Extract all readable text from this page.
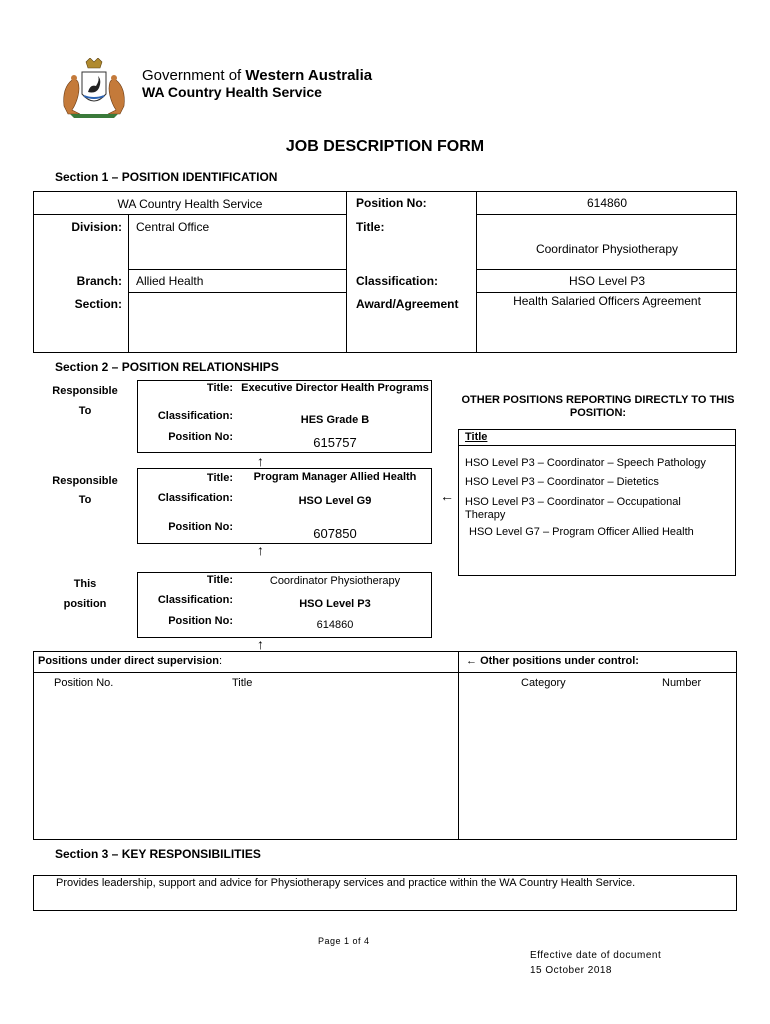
Government of Western Australia
WA Country Health Service
JOB DESCRIPTION FORM
Section 1 – POSITION IDENTIFICATION
WA Country Health Service	Position No:	614860
Division: Central Office	Title:
Coordinator Physiotherapy
Branch: Allied Health	Classification:	HSO Level P3
Section:	Award/Agreement	Health Salaried Officers Agreement
Section 2 – POSITION RELATIONSHIPS
Responsible
To
Title: Executive Director Health Programs
Classification:	HES Grade B
Position No:	615757
↑
Responsible
To
Title:	Program Manager Allied Health
Classification:	HSO Level G9
Position No:	607850
←
↑
This
position
Title:	Coordinator Physiotherapy
Classification:	HSO Level P3
Position No:	614860
↑
OTHER POSITIONS REPORTING DIRECTLY TO THIS POSITION:
Title
HSO Level P3 – Coordinator – Speech Pathology
HSO Level P3 – Coordinator – Dietetics
HSO Level P3 – Coordinator – Occupational Therapy
HSO Level G7 – Program Officer Allied Health
Positions under direct supervision:
Position No.	Title
← Other positions under control:
Category	Number
Section 3 – KEY RESPONSIBILITIES
Provides leadership, support and advice for Physiotherapy services and practice within the WA Country Health Service.
Page 1 of 4
Effective date of document
15 October 2018
